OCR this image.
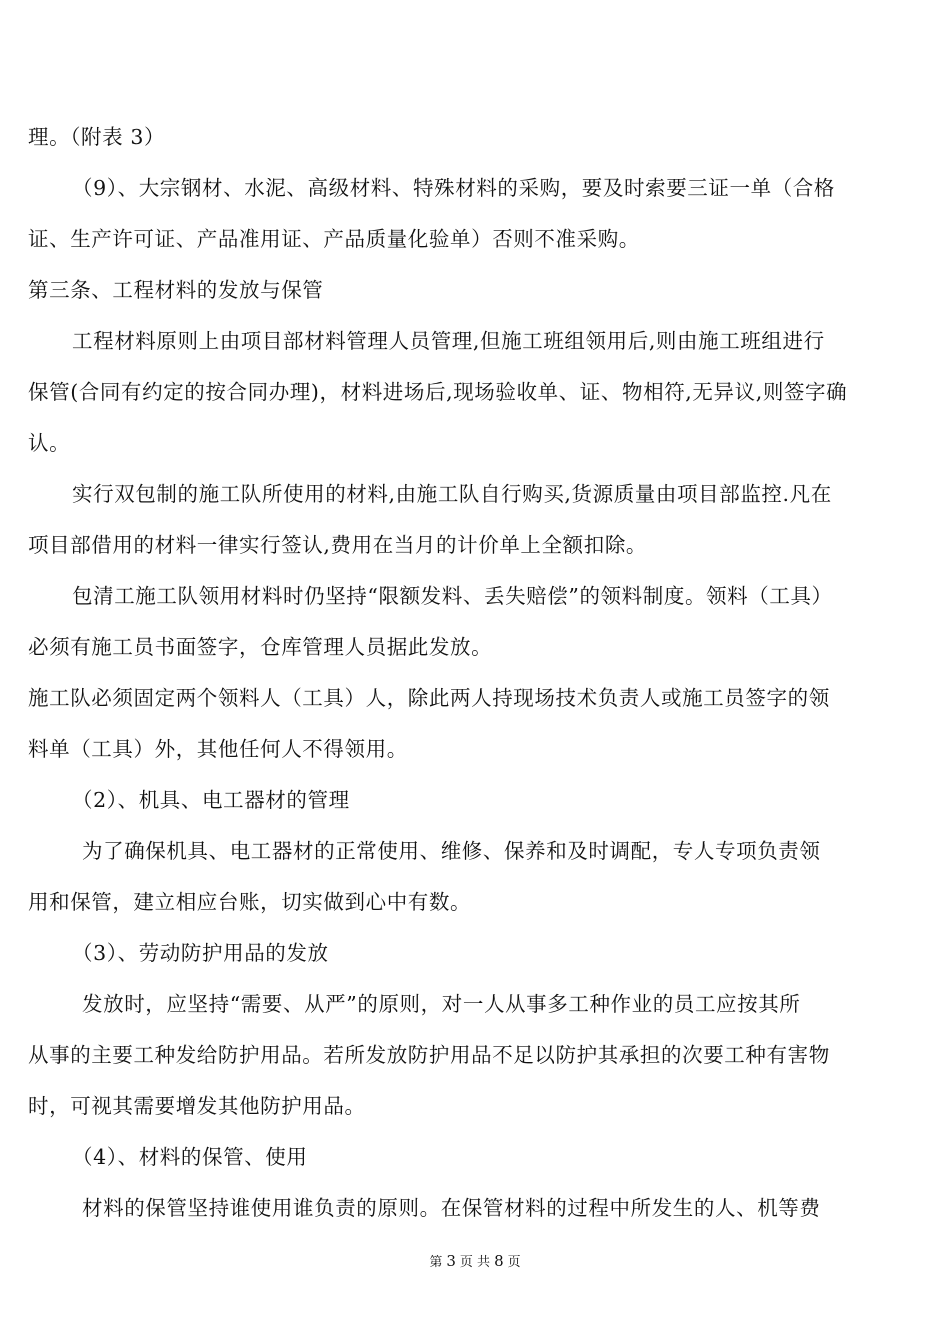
理。（附表 3）
（9）、大宗钢材、水泥、高级材料、特殊材料的采购，要及时索要三证一单（合格
证、生产许可证、产品准用证、产品质量化验单）否则不准采购。
第三条、工程材料的发放与保管
工程材料原则上由项目部材料管理人员管理,但施工班组领用后,则由施工班组进行
保管(合同有约定的按合同办理)，材料进场后,现场验收单、证、物相符,无异议,则签字确
认。
实行双包制的施工队所使用的材料,由施工队自行购买,货源质量由项目部监控.凡在
项目部借用的材料一律实行签认,费用在当月的计价单上全额扣除。
包清工施工队领用材料时仍坚持“限额发料、丢失赔偿”的领料制度。领料（工具）
必须有施工员书面签字，仓库管理人员据此发放。
施工队必须固定两个领料人（工具）人，除此两人持现场技术负责人或施工员签字的领
料单（工具）外，其他任何人不得领用。
（2）、机具、电工器材的管理
为了确保机具、电工器材的正常使用、维修、保养和及时调配，专人专项负责领
用和保管，建立相应台账，切实做到心中有数。
（3）、劳动防护用品的发放
发放时，应坚持“需要、从严”的原则，对一人从事多工种作业的员工应按其所
从事的主要工种发给防护用品。若所发放防护用品不足以防护其承担的次要工种有害物
时，可视其需要增发其他防护用品。
（4）、材料的保管、使用
材料的保管坚持谁使用谁负责的原则。在保管材料的过程中所发生的人、机等费
第 3 页 共 8 页
